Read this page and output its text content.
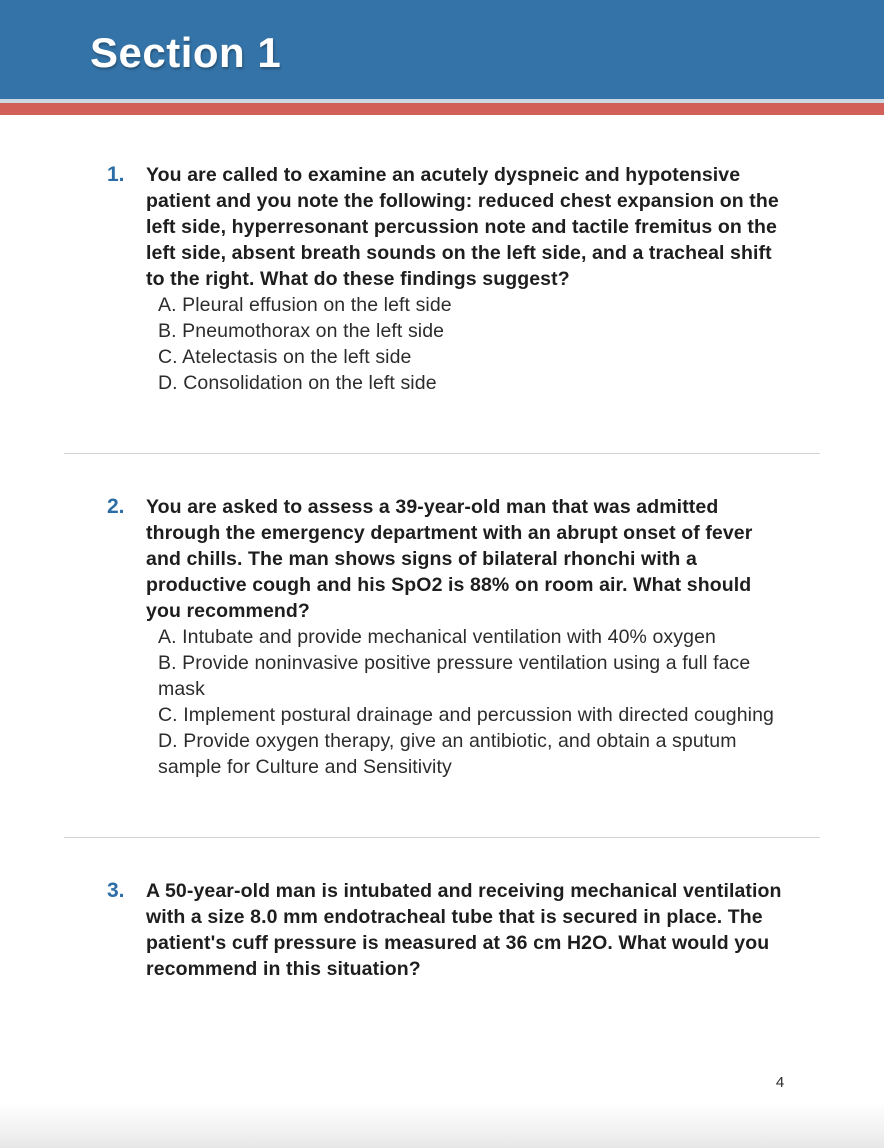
Section 1
1.	You are called to examine an acutely dyspneic and hypotensive patient and you note the following: reduced chest expansion on the left side, hyperresonant percussion note and tactile fremitus on the left side, absent breath sounds on the left side, and a tracheal shift to the right. What do these findings suggest?
A. Pleural effusion on the left side
B. Pneumothorax on the left side
C. Atelectasis on the left side
D. Consolidation on the left side
2.	You are asked to assess a 39-year-old man that was admitted through the emergency department with an abrupt onset of fever and chills. The man shows signs of bilateral rhonchi with a productive cough and his SpO2 is 88% on room air. What should you recommend?
A. Intubate and provide mechanical ventilation with 40% oxygen
B. Provide noninvasive positive pressure ventilation using a full face mask
C. Implement postural drainage and percussion with directed coughing
D. Provide oxygen therapy, give an antibiotic, and obtain a sputum sample for Culture and Sensitivity
3.	A 50-year-old man is intubated and receiving mechanical ventilation with a size 8.0 mm endotracheal tube that is secured in place. The patient's cuff pressure is measured at 36 cm H2O. What would you recommend in this situation?
4
